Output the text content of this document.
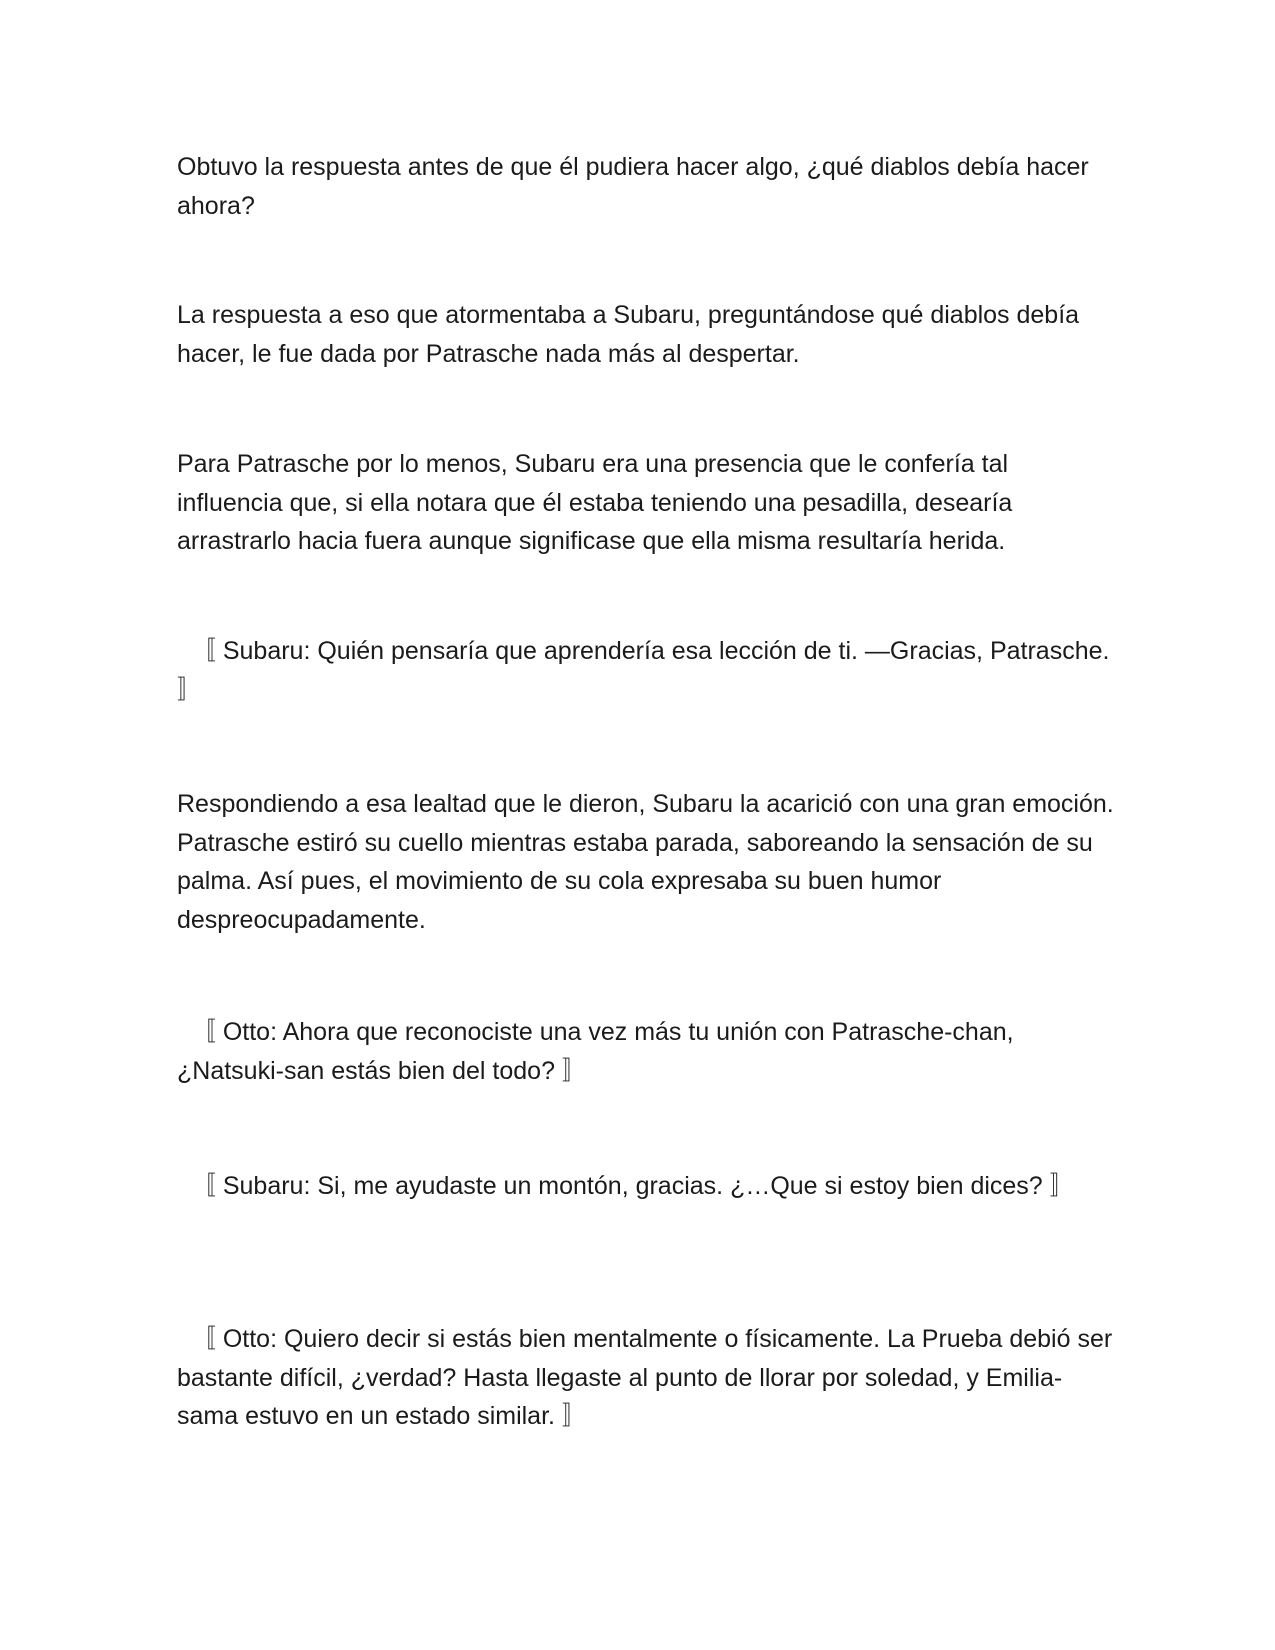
Obtuvo la respuesta antes de que él pudiera hacer algo, ¿qué diablos debía hacer ahora?

La respuesta a eso que atormentaba a Subaru, preguntándose qué diablos debía hacer, le fue dada por Patrasche nada más al despertar.

Para Patrasche por lo menos, Subaru era una presencia que le confería tal influencia que, si ella notara que él estaba teniendo una pesadilla, desearía arrastrarlo hacia fuera aunque significase que ella misma resultaría herida.

〚 Subaru: Quién pensaría que aprendería esa lección de ti. —Gracias, Patrasche. 〛

Respondiendo a esa lealtad que le dieron, Subaru la acarició con una gran emoción. Patrasche estiró su cuello mientras estaba parada, saboreando la sensación de su palma. Así pues, el movimiento de su cola expresaba su buen humor despreocupadamente.

〚 Otto: Ahora que reconociste una vez más tu unión con Patrasche-chan, ¿Natsuki-san estás bien del todo? 〛

〚 Subaru: Si, me ayudaste un montón, gracias. ¿…Que si estoy bien dices? 〛

〚 Otto: Quiero decir si estás bien mentalmente o físicamente. La Prueba debió ser bastante difícil, ¿verdad? Hasta llegaste al punto de llorar por soledad, y Emilia-sama estuvo en un estado similar. 〛
